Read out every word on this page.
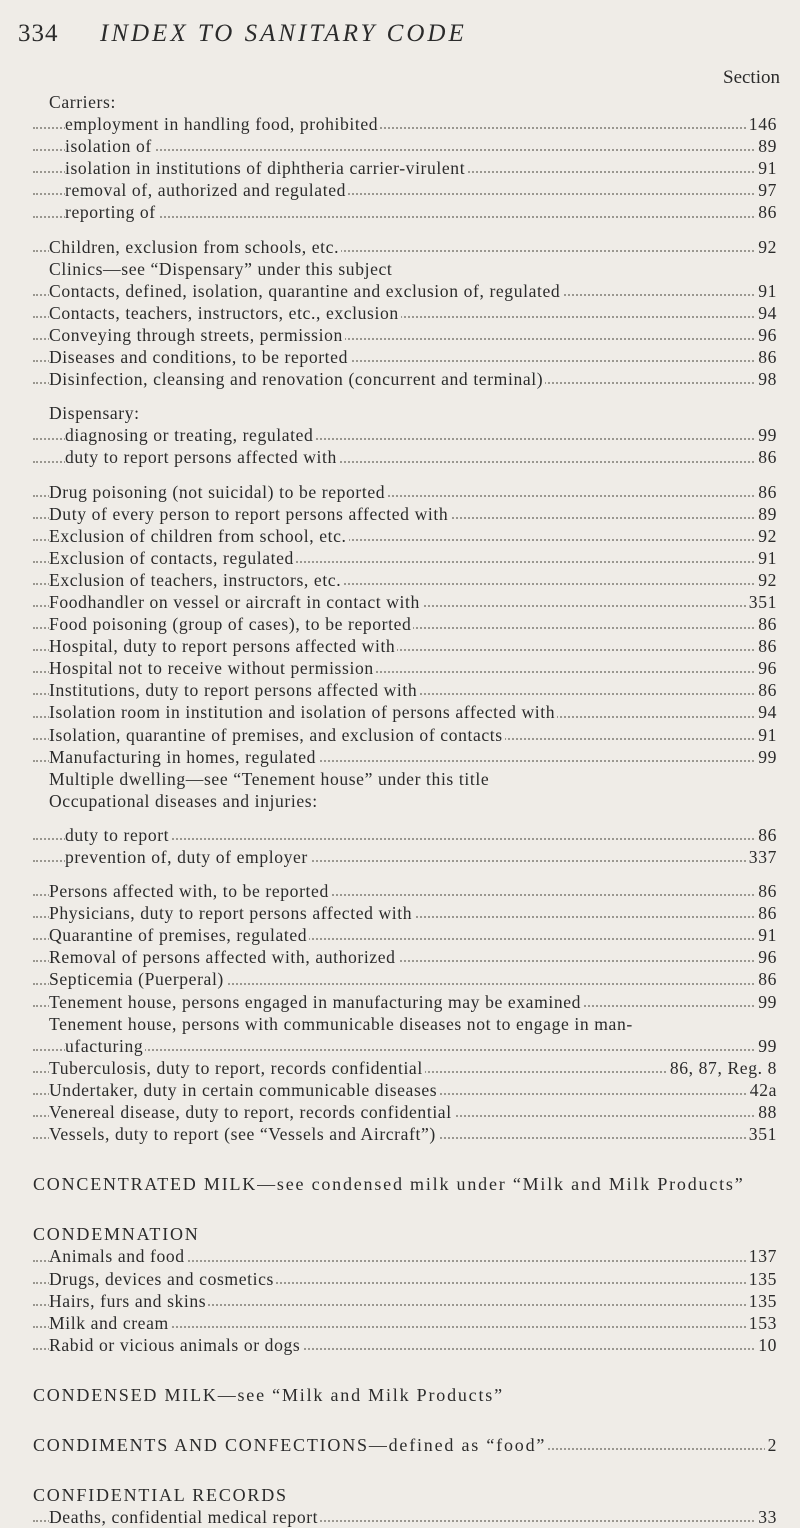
334 INDEX TO SANITARY CODE
Section
Carriers:
employment in handling food, prohibited	146
isolation of	89
isolation in institutions of diphtheria carrier-virulent	91
removal of, authorized and regulated	97
reporting of	86
Children, exclusion from schools, etc.	92
Clinics—see “Dispensary” under this subject
Contacts, defined, isolation, quarantine and exclusion of, regulated	91
Contacts, teachers, instructors, etc., exclusion	94
Conveying through streets, permission	96
Diseases and conditions, to be reported	86
Disinfection, cleansing and renovation (concurrent and terminal)	98
Dispensary:
diagnosing or treating, regulated	99
duty to report persons affected with	86
Drug poisoning (not suicidal) to be reported	86
Duty of every person to report persons affected with	89
Exclusion of children from school, etc.	92
Exclusion of contacts, regulated	91
Exclusion of teachers, instructors, etc.	92
Foodhandler on vessel or aircraft in contact with	351
Food poisoning (group of cases), to be reported	86
Hospital, duty to report persons affected with	86
Hospital not to receive without permission	96
Institutions, duty to report persons affected with	86
Isolation room in institution and isolation of persons affected with	94
Isolation, quarantine of premises, and exclusion of contacts	91
Manufacturing in homes, regulated	99
Multiple dwelling—see “Tenement house” under this title
Occupational diseases and injuries:
duty to report	86
prevention of, duty of employer	337
Persons affected with, to be reported	86
Physicians, duty to report persons affected with	86
Quarantine of premises, regulated	91
Removal of persons affected with, authorized	96
Septicemia (Puerperal)	86
Tenement house, persons engaged in manufacturing may be examined	99
Tenement house, persons with communicable diseases not to engage in man-
ufacturing	99
Tuberculosis, duty to report, records confidential	86, 87, Reg. 8
Undertaker, duty in certain communicable diseases	42a
Venereal disease, duty to report, records confidential	88
Vessels, duty to report (see “Vessels and Aircraft”)	351
CONCENTRATED MILK—see condensed milk under “Milk and Milk Products”
CONDEMNATION
Animals and food	137
Drugs, devices and cosmetics	135
Hairs, furs and skins	135
Milk and cream	153
Rabid or vicious animals or dogs	10
CONDENSED MILK—see “Milk and Milk Products”
CONDIMENTS AND CONFECTIONS—defined as “food”	2
CONFIDENTIAL RECORDS
Deaths, confidential medical report	33
